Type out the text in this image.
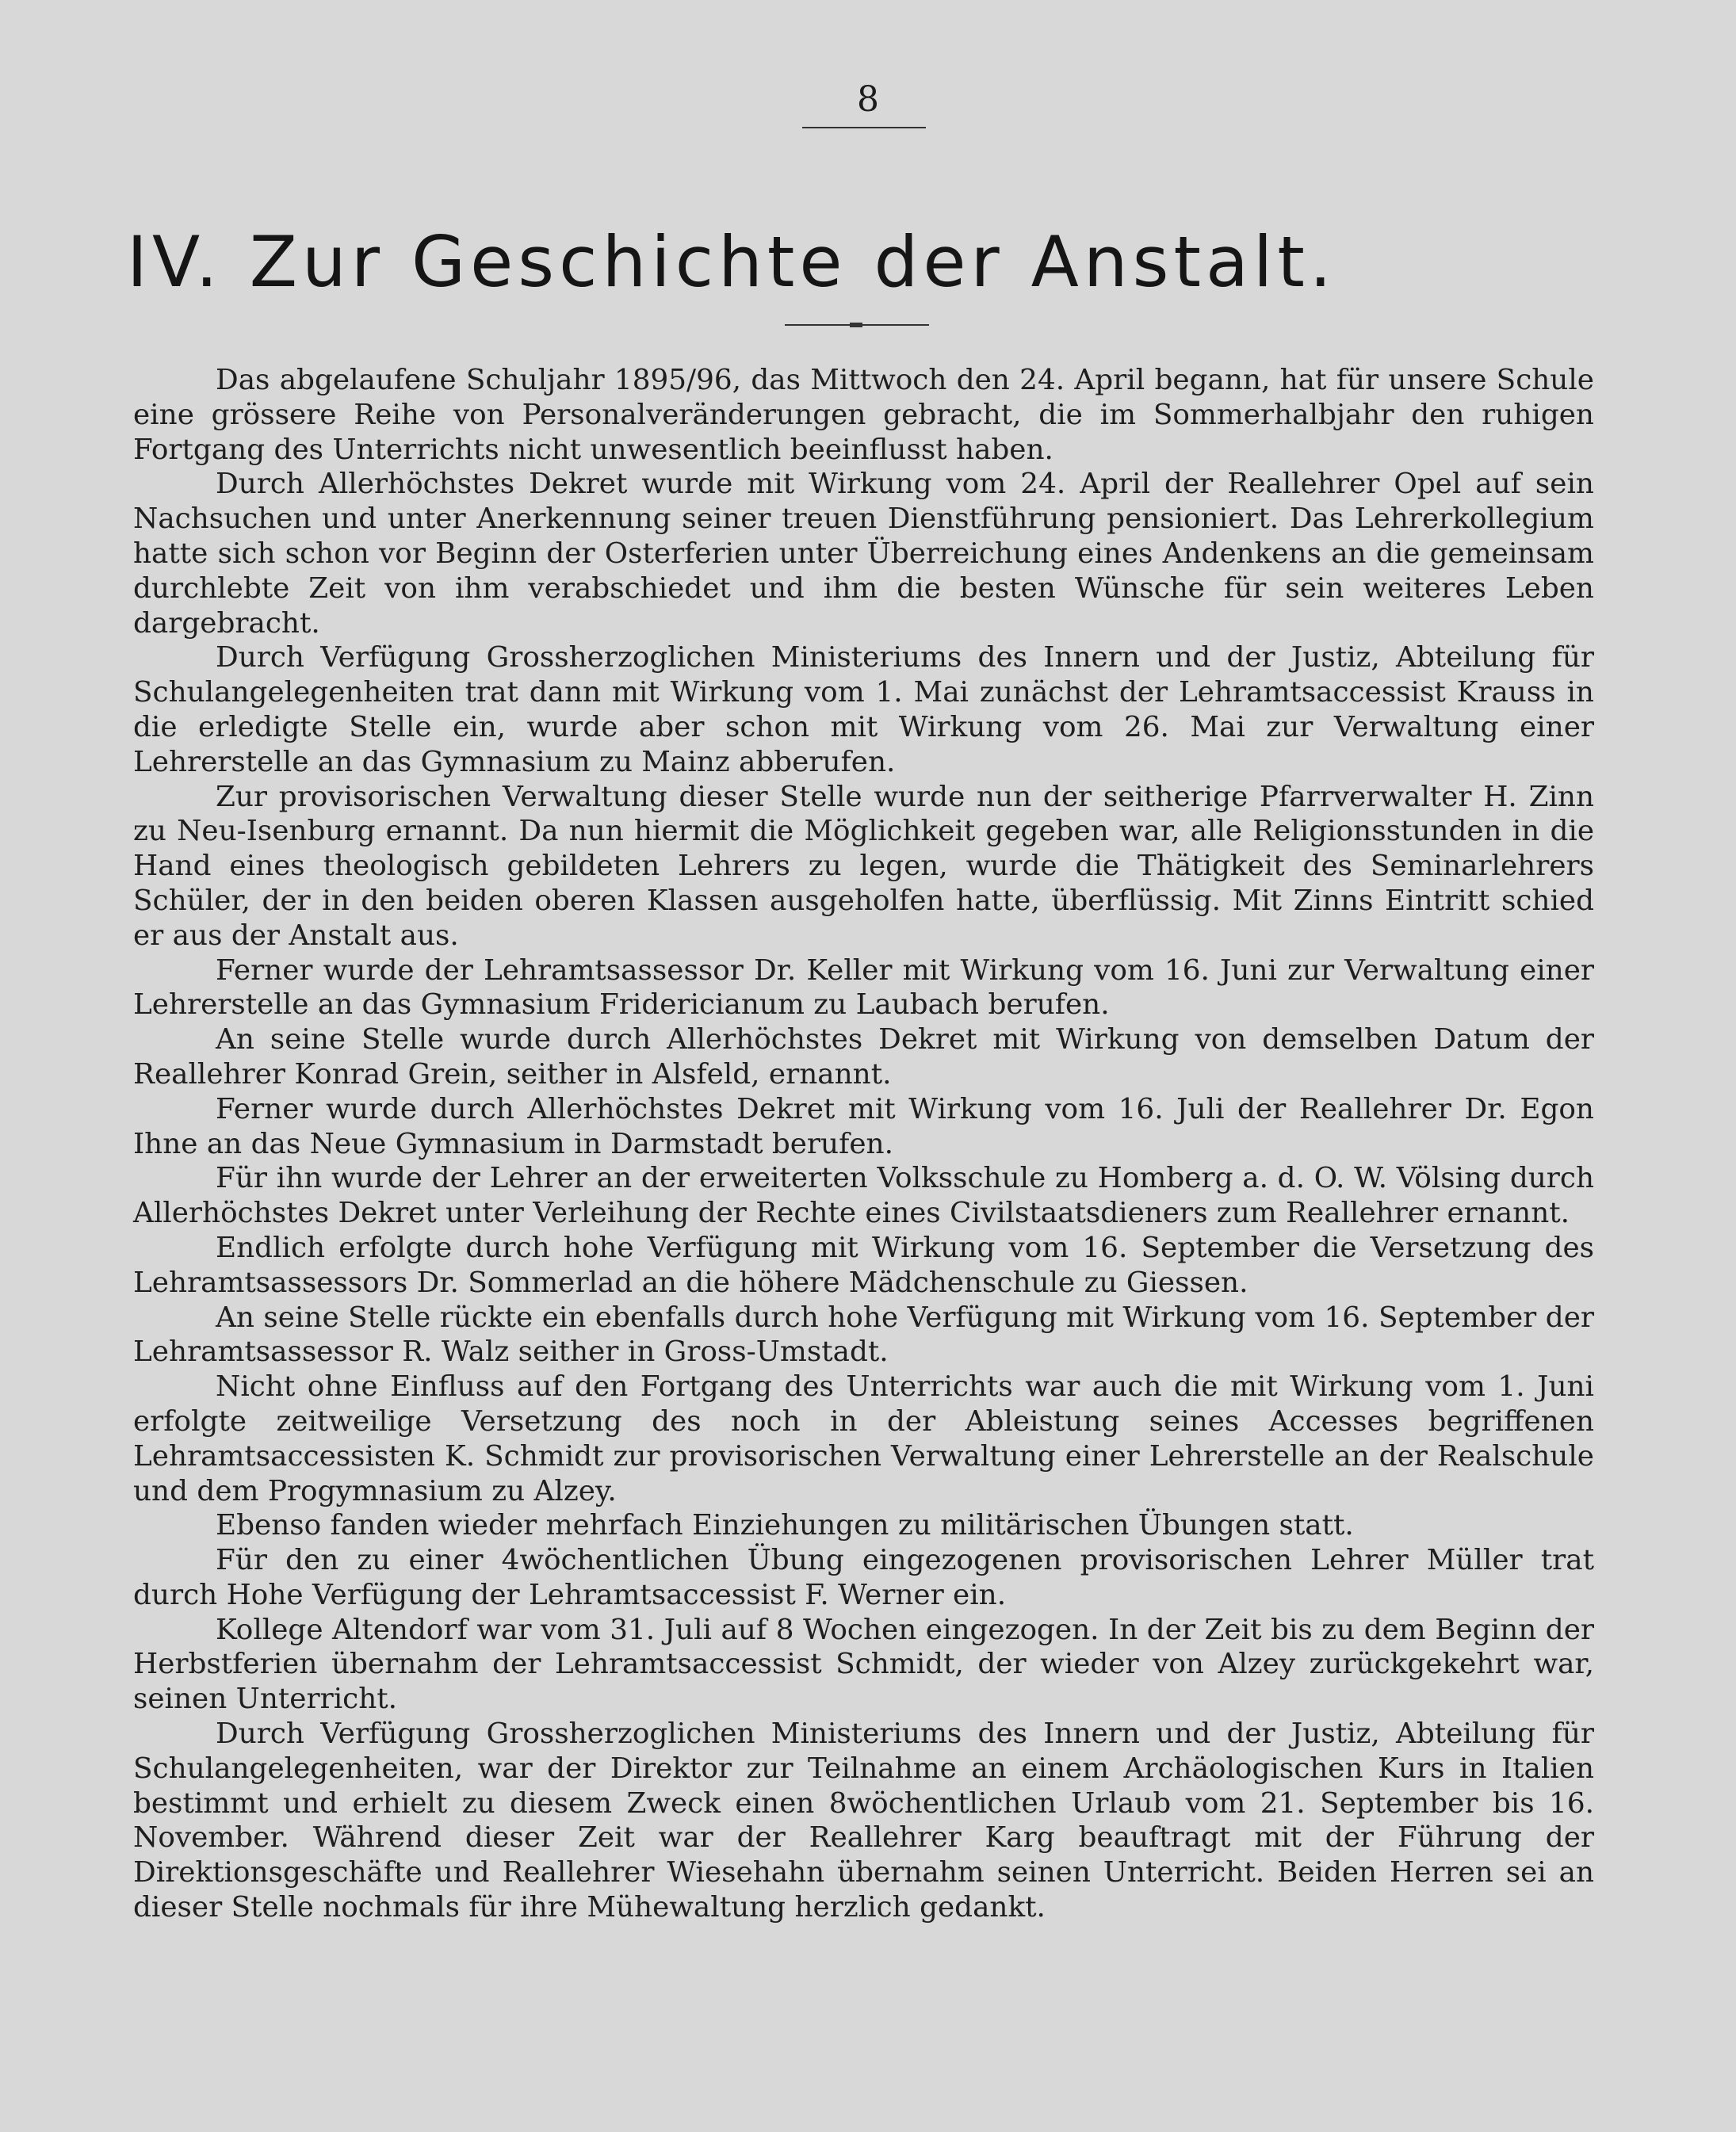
8
IV. Zur Geschichte der Anstalt.

Das abgelaufene Schuljahr 1895/96, das Mittwoch den 24. April begann, hat für unsere Schule eine grössere Reihe von Personalveränderungen gebracht, die im Sommerhalbjahr den ruhigen Fortgang des Unterrichts nicht unwesentlich beeinflusst haben.

Durch Allerhöchstes Dekret wurde mit Wirkung vom 24. April der Reallehrer Opel auf sein Nachsuchen und unter Anerkennung seiner treuen Dienstführung pensioniert. Das Lehrerkollegium hatte sich schon vor Beginn der Osterferien unter Überreichung eines Andenkens an die gemeinsam durchlebte Zeit von ihm verabschiedet und ihm die besten Wünsche für sein weiteres Leben dargebracht.

Durch Verfügung Grossherzoglichen Ministeriums des Innern und der Justiz, Abteilung für Schulangelegenheiten trat dann mit Wirkung vom 1. Mai zunächst der Lehramtsaccessist Krauss in die erledigte Stelle ein, wurde aber schon mit Wirkung vom 26. Mai zur Verwaltung einer Lehrerstelle an das Gymnasium zu Mainz abberufen.

Zur provisorischen Verwaltung dieser Stelle wurde nun der seitherige Pfarrverwalter H. Zinn zu Neu-Isenburg ernannt. Da nun hiermit die Möglichkeit gegeben war, alle Religionsstunden in die Hand eines theologisch gebildeten Lehrers zu legen, wurde die Thätigkeit des Seminarlehrers Schüler, der in den beiden oberen Klassen ausgeholfen hatte, überflüssig. Mit Zinns Eintritt schied er aus der Anstalt aus.

Ferner wurde der Lehramtsassessor Dr. Keller mit Wirkung vom 16. Juni zur Verwaltung einer Lehrerstelle an das Gymnasium Fridericianum zu Laubach berufen.

An seine Stelle wurde durch Allerhöchstes Dekret mit Wirkung von demselben Datum der Reallehrer Konrad Grein, seither in Alsfeld, ernannt.

Ferner wurde durch Allerhöchstes Dekret mit Wirkung vom 16. Juli der Reallehrer Dr. Egon Ihne an das Neue Gymnasium in Darmstadt berufen.

Für ihn wurde der Lehrer an der erweiterten Volksschule zu Homberg a. d. O. W. Völsing durch Allerhöchstes Dekret unter Verleihung der Rechte eines Civilstaatsdieners zum Reallehrer ernannt.

Endlich erfolgte durch hohe Verfügung mit Wirkung vom 16. September die Versetzung des Lehramtsassessors Dr. Sommerlad an die höhere Mädchenschule zu Giessen.

An seine Stelle rückte ein ebenfalls durch hohe Verfügung mit Wirkung vom 16. September der Lehramtsassessor R. Walz seither in Gross-Umstadt.

Nicht ohne Einfluss auf den Fortgang des Unterrichts war auch die mit Wirkung vom 1. Juni erfolgte zeitweilige Versetzung des noch in der Ableistung seines Accesses begriffenen Lehramtsaccessisten K. Schmidt zur provisorischen Verwaltung einer Lehrerstelle an der Realschule und dem Progymnasium zu Alzey.

Ebenso fanden wieder mehrfach Einziehungen zu militärischen Übungen statt.

Für den zu einer 4wöchentlichen Übung eingezogenen provisorischen Lehrer Müller trat durch Hohe Verfügung der Lehramtsaccessist F. Werner ein.

Kollege Altendorf war vom 31. Juli auf 8 Wochen eingezogen. In der Zeit bis zu dem Beginn der Herbstferien übernahm der Lehramtsaccessist Schmidt, der wieder von Alzey zurückgekehrt war, seinen Unterricht.

Durch Verfügung Grossherzoglichen Ministeriums des Innern und der Justiz, Abteilung für Schulangelegenheiten, war der Direktor zur Teilnahme an einem Archäologischen Kurs in Italien bestimmt und erhielt zu diesem Zweck einen 8wöchentlichen Urlaub vom 21. September bis 16. November. Während dieser Zeit war der Reallehrer Karg beauftragt mit der Führung der Direktionsgeschäfte und Reallehrer Wiesehahn übernahm seinen Unterricht. Beiden Herren sei an dieser Stelle nochmals für ihre Mühewaltung herzlich gedankt.
